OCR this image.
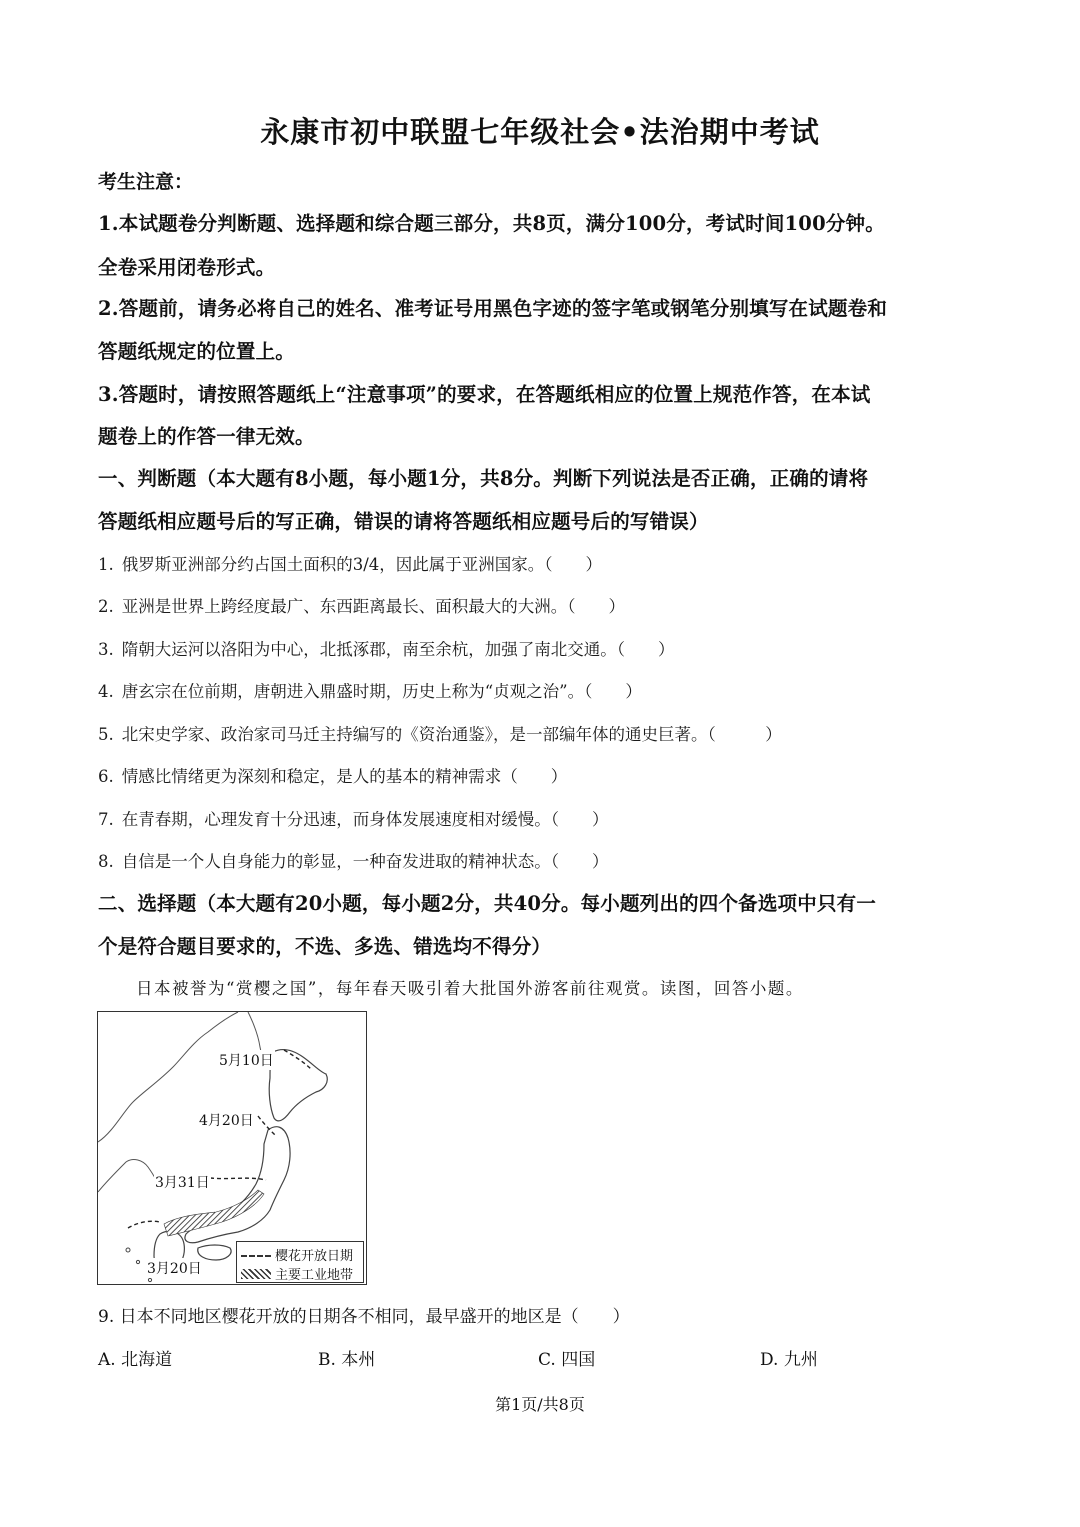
永康市初中联盟七年级社会•法治期中考试
考生注意：
1.本试题卷分判断题、选择题和综合题三部分，共8页，满分100分，考试时间100分钟。
全卷采用闭卷形式。
2.答题前，请务必将自己的姓名、准考证号用黑色字迹的签字笔或钢笔分别填写在试题卷和
答题纸规定的位置上。
3.答题时，请按照答题纸上“注意事项”的要求，在答题纸相应的位置上规范作答，在本试
题卷上的作答一律无效。
一、判断题（本大题有8小题，每小题1分，共8分。判断下列说法是否正确，正确的请将
答题纸相应题号后的写正确，错误的请将答题纸相应题号后的写错误）
1. 俄罗斯亚洲部分约占国土面积的3/4，因此属于亚洲国家。（　　）
2. 亚洲是世界上跨经度最广、东西距离最长、面积最大的大洲。（　　）
3. 隋朝大运河以洛阳为中心，北抵涿郡，南至余杭，加强了南北交通。（　　）
4. 唐玄宗在位前期，唐朝进入鼎盛时期，历史上称为“贞观之治”。（　　）
5. 北宋史学家、政治家司马迁主持编写的《资治通鉴》，是一部编年体的通史巨著。（　　　）
6. 情感比情绪更为深刻和稳定，是人的基本的精神需求（　　）
7. 在青春期，心理发育十分迅速，而身体发展速度相对缓慢。（　　）
8. 自信是一个人自身能力的彰显，一种奋发进取的精神状态。（　　）
二、选择题（本大题有20小题，每小题2分，共40分。每小题列出的四个备选项中只有一
个是符合题目要求的，不选、多选、错选均不得分）
日本被誉为“赏樱之国”，每年春天吸引着大批国外游客前往观赏。读图，回答小题。
5月10日
4月20日
3月31日
3月20日
樱花开放日期
主要工业地带
9. 日本不同地区樱花开放的日期各不相同，最早盛开的地区是（　　）
A. 北海道	B. 本州	C. 四国	D. 九州
第1页/共8页
